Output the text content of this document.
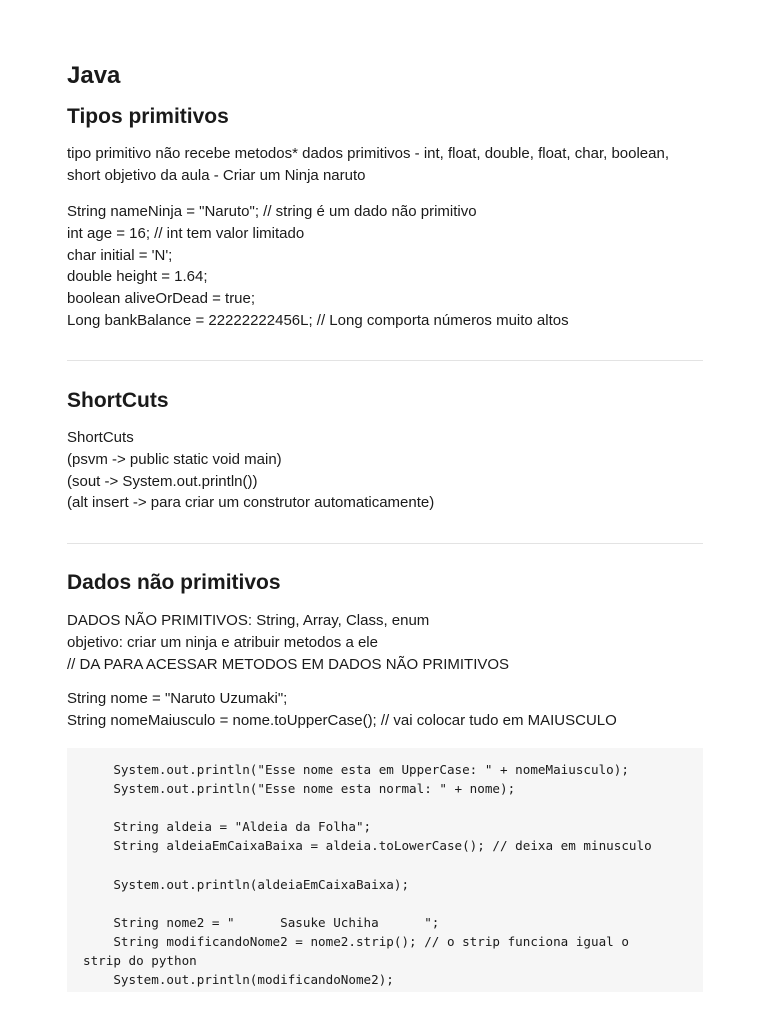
Java
Tipos primitivos
tipo primitivo não recebe metodos* dados primitivos - int, float, double, float, char, boolean,
short objetivo da aula - Criar um Ninja naruto
String nameNinja = "Naruto"; // string é um dado não primitivo
int age = 16; // int tem valor limitado
char initial = 'N';
double height = 1.64;
boolean aliveOrDead = true;
Long bankBalance = 22222222456L; // Long comporta números muito altos
ShortCuts
ShortCuts
(psvm -> public static void main)
(sout -> System.out.println())
(alt insert -> para criar um construtor automaticamente)
Dados não primitivos
DADOS NÃO PRIMITIVOS: String, Array, Class, enum
objetivo: criar um ninja e atribuir metodos a ele
// DA PARA ACESSAR METODOS EM DADOS NÃO PRIMITIVOS
String nome = "Naruto Uzumaki";
String nomeMaiusculo = nome.toUpperCase(); // vai colocar tudo em MAIUSCULO
System.out.println("Esse nome esta em UpperCase: " + nomeMaiusculo);
System.out.println("Esse nome esta normal: " + nome);

String aldeia = "Aldeia da Folha";
String aldeiaEmCaixaBaixa = aldeia.toLowerCase(); // deixa em minusculo

System.out.println(aldeiaEmCaixaBaixa);

String nome2 = "      Sasuke Uchiha      ";
String modificandoNome2 = nome2.strip(); // o strip funciona igual o
strip do python
System.out.println(modificandoNome2);
